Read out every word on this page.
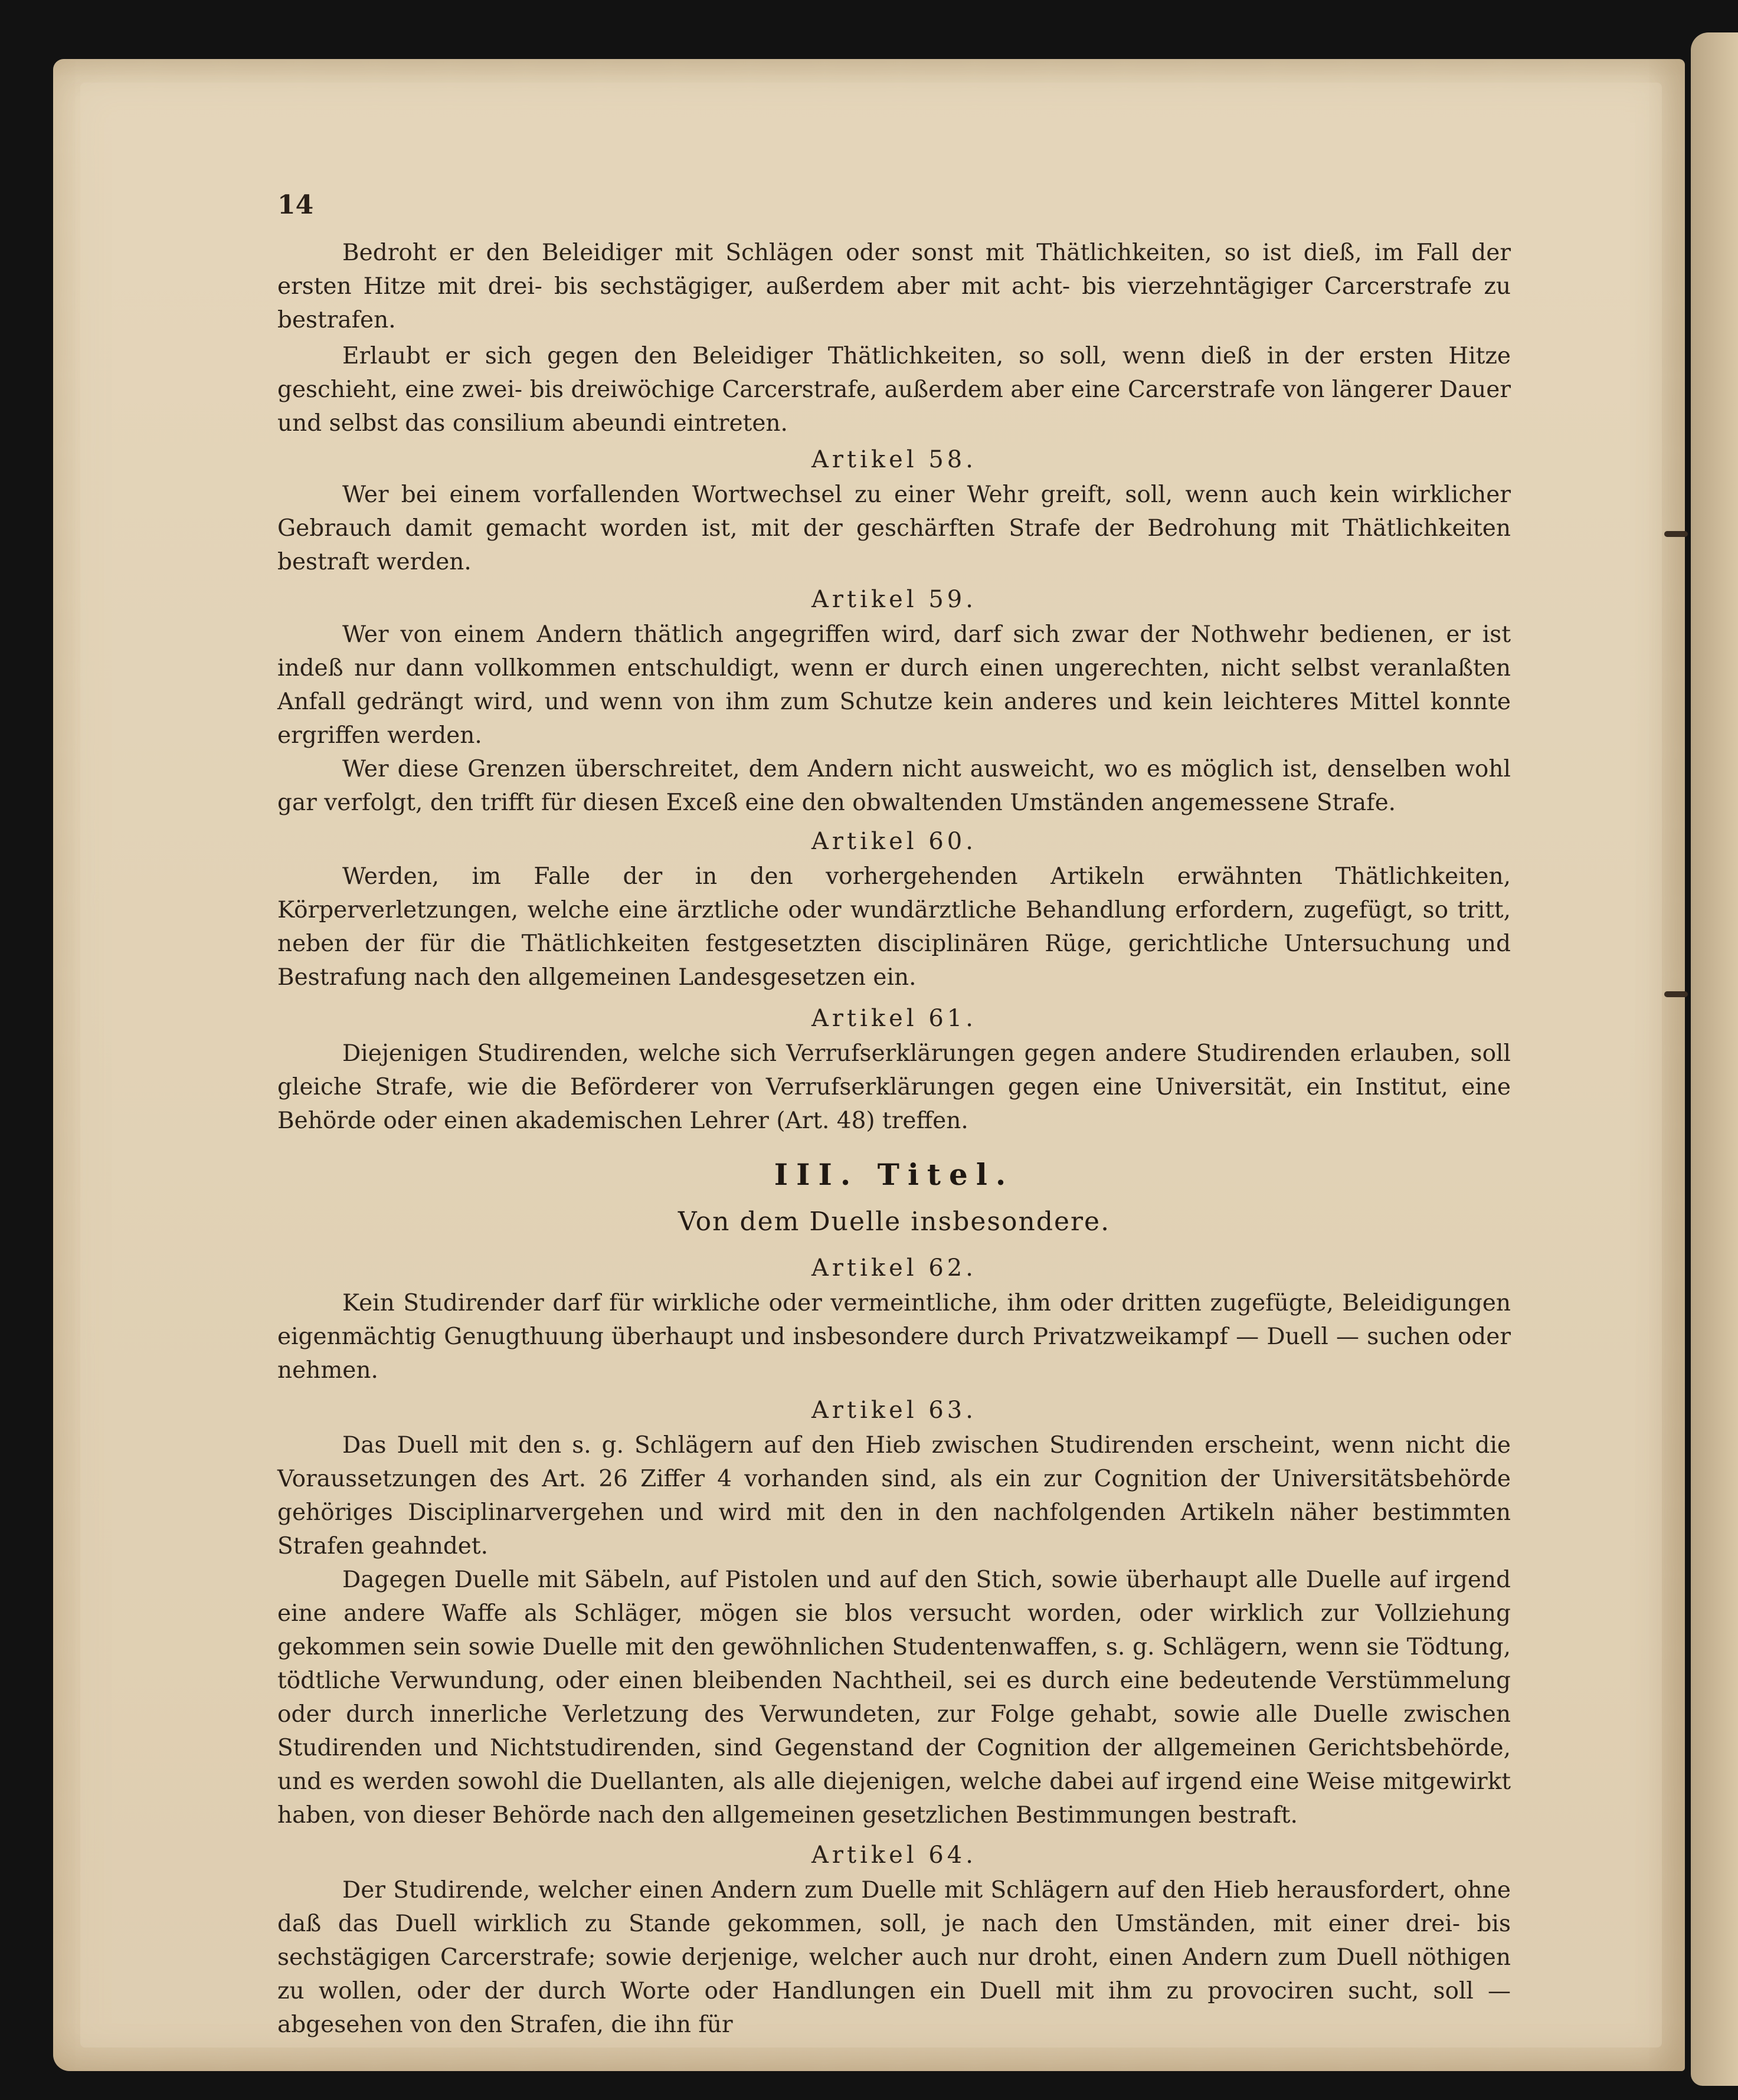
14

Bedroht er den Beleidiger mit Schlägen oder sonst mit Thätlichkeiten, so ist dieß, im Fall der ersten Hitze mit drei- bis sechstägiger, außerdem aber mit acht- bis vierzehntägiger Carcerstrafe zu bestrafen.

Erlaubt er sich gegen den Beleidiger Thätlichkeiten, so soll, wenn dieß in der ersten Hitze geschieht, eine zwei- bis dreiwöchige Carcerstrafe, außerdem aber eine Carcerstrafe von längerer Dauer und selbst das consilium abeundi eintreten.

Artikel 58.

Wer bei einem vorfallenden Wortwechsel zu einer Wehr greift, soll, wenn auch kein wirklicher Gebrauch damit gemacht worden ist, mit der geschärften Strafe der Bedrohung mit Thätlichkeiten bestraft werden.

Artikel 59.

Wer von einem Andern thätlich angegriffen wird, darf sich zwar der Nothwehr bedienen, er ist indeß nur dann vollkommen entschuldigt, wenn er durch einen ungerechten, nicht selbst veranlaßten Anfall gedrängt wird, und wenn von ihm zum Schutze kein anderes und kein leichteres Mittel konnte ergriffen werden.

Wer diese Grenzen überschreitet, dem Andern nicht ausweicht, wo es möglich ist, denselben wohl gar verfolgt, den trifft für diesen Exceß eine den obwaltenden Umständen angemessene Strafe.

Artikel 60.

Werden, im Falle der in den vorhergehenden Artikeln erwähnten Thätlichkeiten, Körperverletzungen, welche eine ärztliche oder wundärztliche Behandlung erfordern, zugefügt, so tritt, neben der für die Thätlichkeiten festgesetzten disciplinären Rüge, gerichtliche Untersuchung und Bestrafung nach den allgemeinen Landesgesetzen ein.

Artikel 61.

Diejenigen Studirenden, welche sich Verrufserklärungen gegen andere Studirenden erlauben, soll gleiche Strafe, wie die Beförderer von Verrufserklärungen gegen eine Universität, ein Institut, eine Behörde oder einen akademischen Lehrer (Art. 48) treffen.

III. Titel.

Von dem Duelle insbesondere.

Artikel 62.

Kein Studirender darf für wirkliche oder vermeintliche, ihm oder dritten zugefügte, Beleidigungen eigenmächtig Genugthuung überhaupt und insbesondere durch Privatzweikampf — Duell — suchen oder nehmen.

Artikel 63.

Das Duell mit den s. g. Schlägern auf den Hieb zwischen Studirenden erscheint, wenn nicht die Voraussetzungen des Art. 26 Ziffer 4 vorhanden sind, als ein zur Cognition der Universitätsbehörde gehöriges Disciplinarvergehen und wird mit den in den nachfolgenden Artikeln näher bestimmten Strafen geahndet.

Dagegen Duelle mit Säbeln, auf Pistolen und auf den Stich, sowie überhaupt alle Duelle auf irgend eine andere Waffe als Schläger, mögen sie blos versucht worden, oder wirklich zur Vollziehung gekommen sein sowie Duelle mit den gewöhnlichen Studentenwaffen, s. g. Schlägern, wenn sie Tödtung, tödtliche Verwundung, oder einen bleibenden Nachtheil, sei es durch eine bedeutende Verstümmelung oder durch innerliche Verletzung des Verwundeten, zur Folge gehabt, sowie alle Duelle zwischen Studirenden und Nichtstudirenden, sind Gegenstand der Cognition der allgemeinen Gerichtsbehörde, und es werden sowohl die Duellanten, als alle diejenigen, welche dabei auf irgend eine Weise mitgewirkt haben, von dieser Behörde nach den allgemeinen gesetzlichen Bestimmungen bestraft.

Artikel 64.

Der Studirende, welcher einen Andern zum Duelle mit Schlägern auf den Hieb herausfordert, ohne daß das Duell wirklich zu Stande gekommen, soll, je nach den Umständen, mit einer drei- bis sechstägigen Carcerstrafe; sowie derjenige, welcher auch nur droht, einen Andern zum Duell nöthigen zu wollen, oder der durch Worte oder Handlungen ein Duell mit ihm zu provociren sucht, soll — abgesehen von den Strafen, die ihn für
